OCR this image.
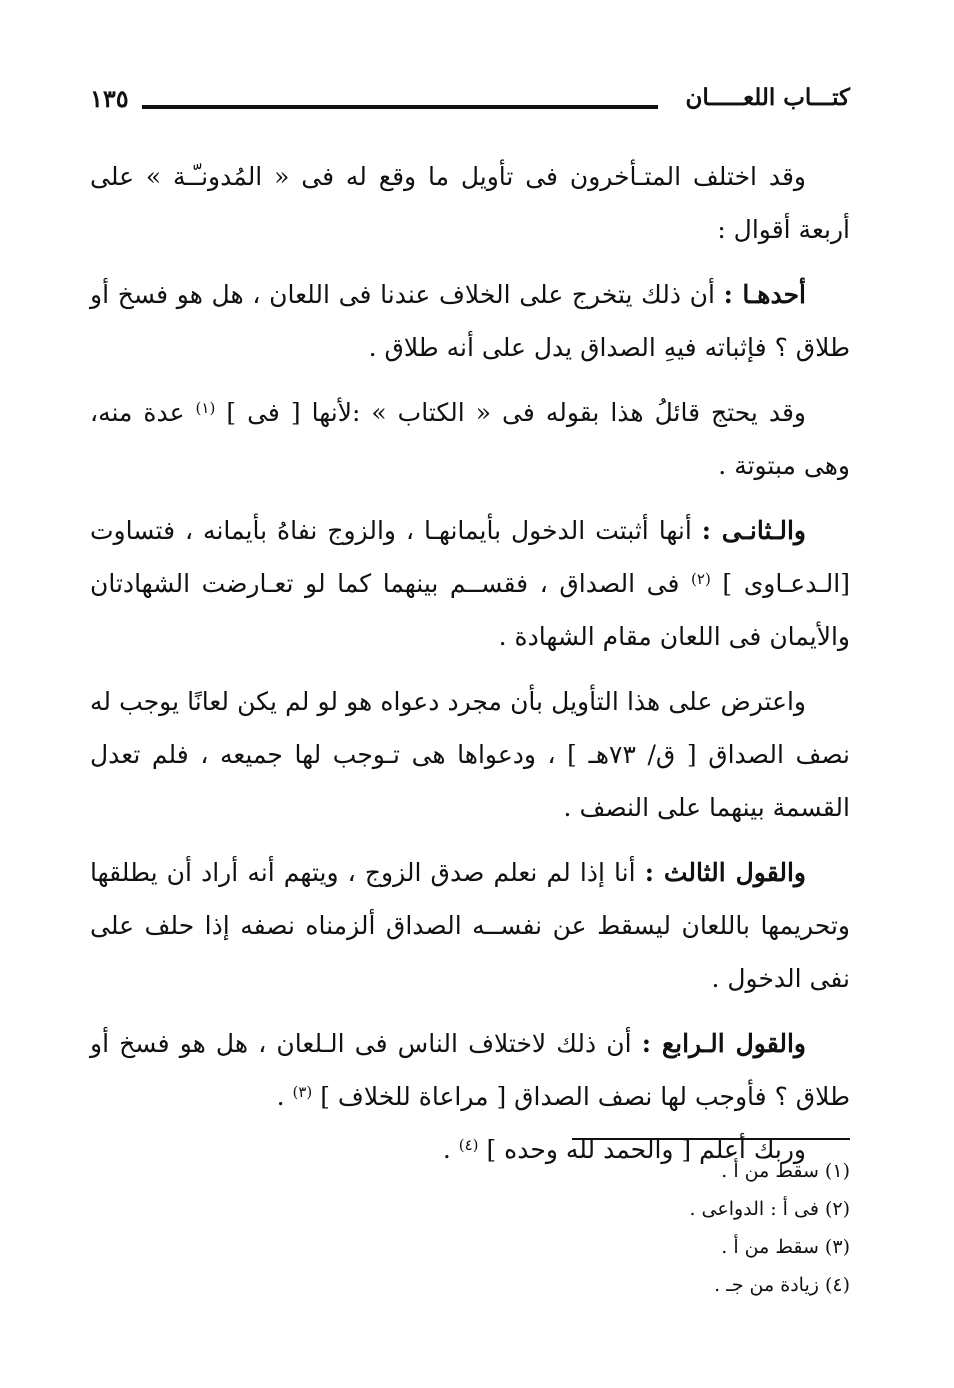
كتـــاب اللعـــــان
١٣٥

وقد اختلف المتـأخرون فى تأويل ما وقع له فى « المُدونـّـة » على أربعة أقوال :

أحدهـا : أن ذلك يتخرج على الخلاف عندنا فى اللعان ، هل هو فسخ أو طلاق ؟ فإثباته فيهِ الصداق يدل على أنه طلاق .

وقد يحتج قائلُ هذا بقوله فى « الكتاب » :لأنها [ فى ] $^{(١)}$ عدة منه، وهى مبتوتة .

والـثانـى : أنها أثبتت الدخول بأيمانهـا ، والزوج نفاهُ بأيمانه ، فتساوت [الـدعـاوى ] $^{(٢)}$ فى الصداق ، فقســم بينهما كما لو تعـارضت الشهادتان والأيمان فى اللعان مقام الشهادة .

واعترض على هذا التأويل بأن مجرد دعواه هو لو لم يكن لعانًا يوجب له نصف الصداق [ ق/ ٧٣هـ ] ، ودعواها هى تـوجب لها جميعه ، فلم تعدل القسمة بينهما على النصف .

والقول الثالث : أنا إذا لم نعلم صدق الزوج ، ويتهم أنه أراد أن يطلقها وتحريمها باللعان ليسقط عن نفســه الصداق ألزمناه نصفه إذا حلف على نفى الدخول .

والقول الـرابع : أن ذلك لاختلاف الناس فى الـلعان ، هل هو فسخ أو طلاق ؟ فأوجب لها نصف الصداق [ مراعاة للخلاف ] $^{(٣)}$ .

وربك أعلم [ والحمد لله وحده ] $^{(٤)}$ .

(١) سقط من أ .
(٢) فى أ : الدواعى .
(٣) سقط من أ .
(٤) زيادة من جـ .
